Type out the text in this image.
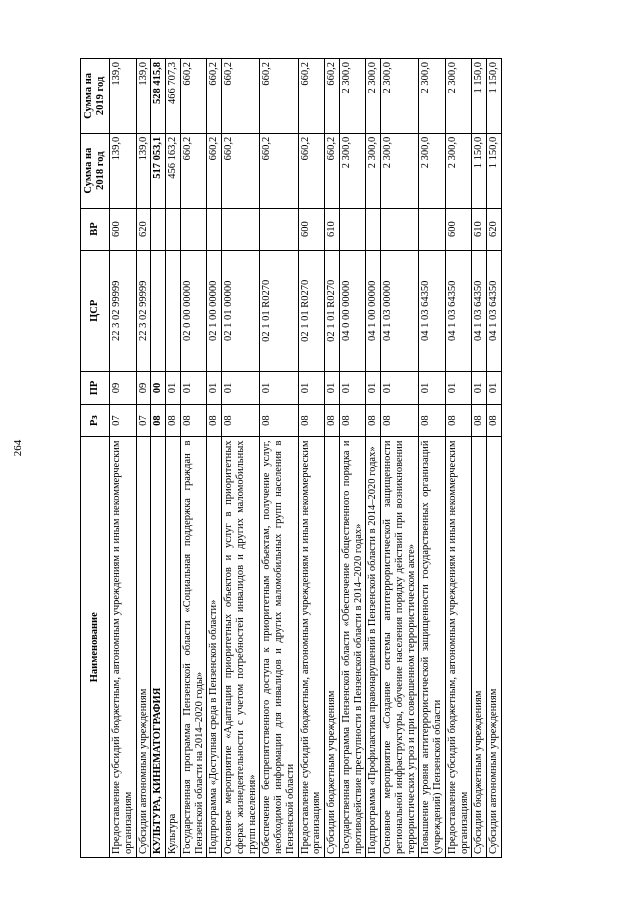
264
Наименование	Рз	ПР	ЦСР	ВР	Сумма на 2018 год	Сумма на 2019 год
Предоставление субсидий бюджетным, автономным учреждениям и иным некоммерческим организациям	07	09	22 3 02 99999	600	139,0	139,0
Субсидии автономным учреждениям	07	09	22 3 02 99999	620	139,0	139,0
КУЛЬТУРА, КИНЕМАТОГРАФИЯ	08	00			517 053,1	528 415,8
Культура	08	01			456 163,2	466 707,3
Государственная программа Пензенской области «Социальная поддержка граждан в Пензенской области на 2014–2020 годы»	08	01	02 0 00 00000		660,2	660,2
Подпрограмма «Доступная среда в Пензенской области»	08	01	02 1 00 00000		660,2	660,2
Основное мероприятие «Адаптация приоритетных объектов и услуг в приоритетных сферах жизнедеятельности с учетом потребностей инвалидов и других маломобильных групп населения»	08	01	02 1 01 00000		660,2	660,2
Обеспечение беспрепятственного доступа к приоритетным объектам, получение услуг, необходимой информации для инвалидов и других маломобильных групп населения в Пензенской области	08	01	02 1 01 R0270		660,2	660,2
Предоставление субсидий бюджетным, автономным учреждениям и иным некоммерческим организациям	08	01	02 1 01 R0270	600	660,2	660,2
Субсидии бюджетным учреждениям	08	01	02 1 01 R0270	610	660,2	660,2
Государственная программа Пензенской области «Обеспечение общественного порядка и противодействие преступности в Пензенской области в 2014–2020 годах»	08	01	04 0 00 00000		2 300,0	2 300,0
Подпрограмма «Профилактика правонарушений в Пензенской области в 2014–2020 годах»	08	01	04 1 00 00000		2 300,0	2 300,0
Основное мероприятие «Создание системы антитеррористической защищенности региональной инфраструктуры, обучение населения порядку действий при возникновении террористических угроз и при совершенном террористическом акте»	08	01	04 1 03 00000		2 300,0	2 300,0
Повышение уровня антитеррористической защищенности государственных организаций (учреждений) Пензенской области	08	01	04 1 03 64350		2 300,0	2 300,0
Предоставление субсидий бюджетным, автономным учреждениям и иным некоммерческим организациям	08	01	04 1 03 64350	600	2 300,0	2 300,0
Субсидии бюджетным учреждениям	08	01	04 1 03 64350	610	1 150,0	1 150,0
Субсидии автономным учреждениям	08	01	04 1 03 64350	620	1 150,0	1 150,0
